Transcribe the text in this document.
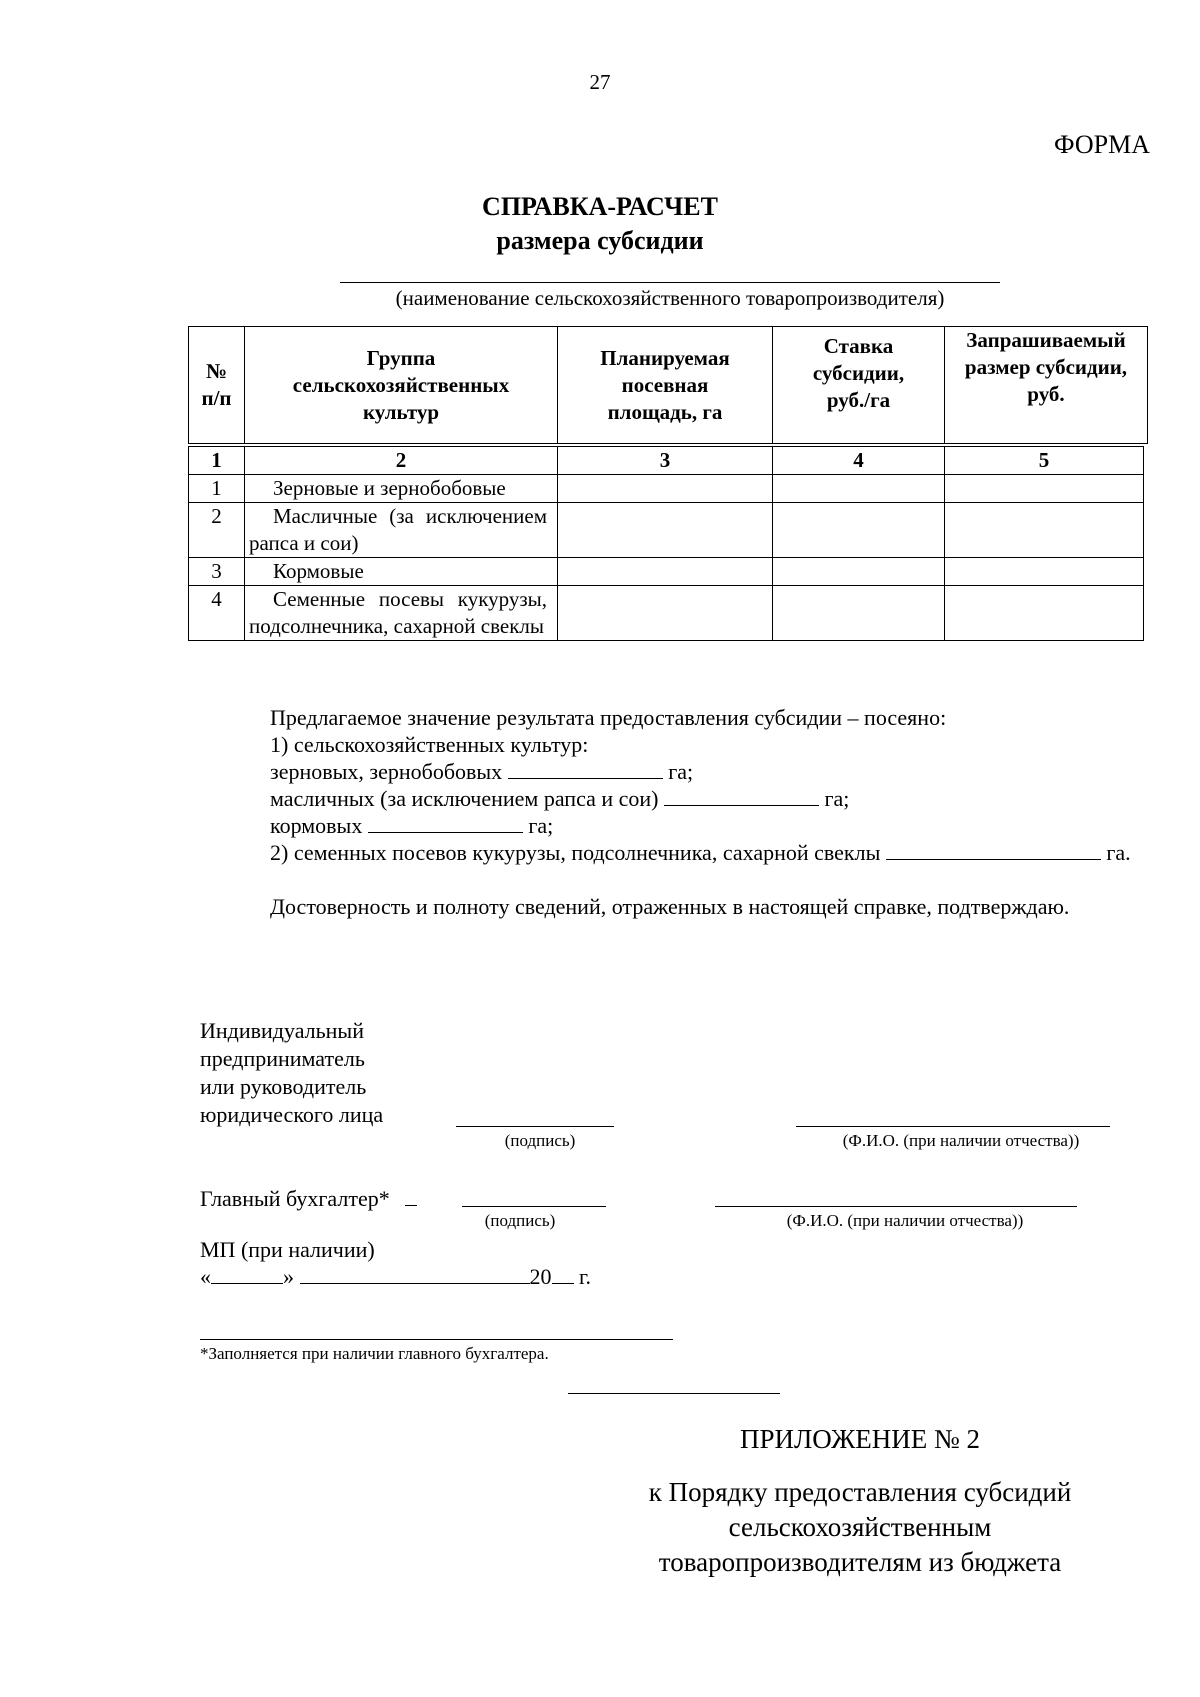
27
ФОРМА
СПРАВКА-РАСЧЕТ
размера субсидии
(наименование сельскохозяйственного товаропроизводителя)
№ п/п	Группа сельскохозяйственных культур	Планируемая посевная площадь, га	Ставка субсидии, руб./га	Запрашиваемый размер субсидии, руб.
1	2	3	4	5
1	Зерновые и зернобобовые			
2	Масличные (за исключением рапса и сои)			
3	Кормовые			
4	Семенные посевы кукурузы, подсолнечника, сахарной свеклы			
Предлагаемое значение результата предоставления субсидии – посеяно:
1) сельскохозяйственных культур:
зерновых, зернобобовых	га;
масличных (за исключением рапса и сои)	га;
кормовых	га;
2) семенных посевов кукурузы, подсолнечника, сахарной свеклы	га.
Достоверность и полноту сведений, отраженных в настоящей справке, подтверждаю.
Индивидуальный
предприниматель
или руководитель
юридического лица
(подпись)	(Ф.И.О. (при наличии отчества))
Главный бухгалтер*
(подпись)	(Ф.И.О. (при наличии отчества))
МП (при наличии)
«	»	20 г.
*Заполняется при наличии главного бухгалтера.
ПРИЛОЖЕНИЕ № 2
к Порядку предоставления субсидий
сельскохозяйственным
товаропроизводителям из бюджета
